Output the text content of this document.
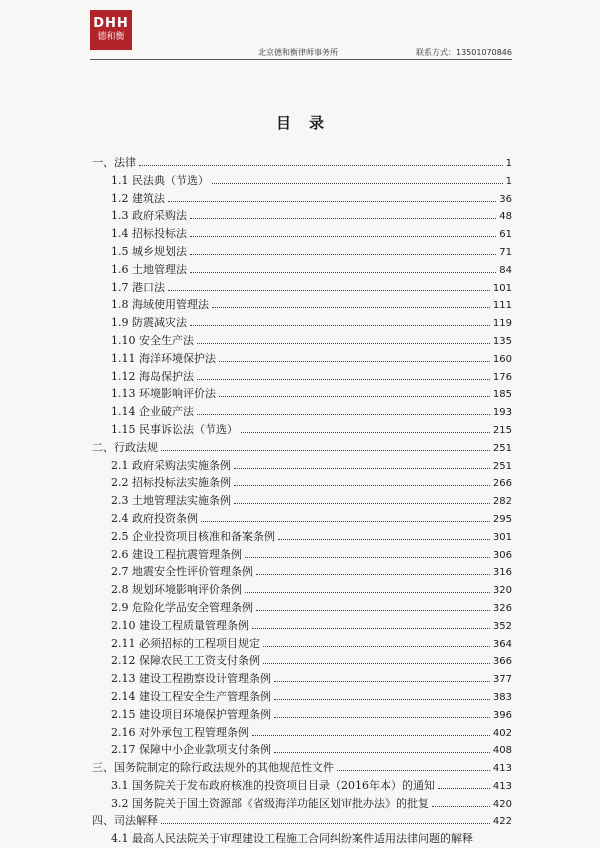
DHH
德和衡
北京德和衡律师事务所	联系方式：13501070846
目录
一、法律	1
1.1 民法典（节选）	1
1.2 建筑法	36
1.3 政府采购法	48
1.4 招标投标法	61
1.5 城乡规划法	71
1.6 土地管理法	84
1.7 港口法	101
1.8 海域使用管理法	111
1.9 防震减灾法	119
1.10 安全生产法	135
1.11 海洋环境保护法	160
1.12 海岛保护法	176
1.13 环境影响评价法	185
1.14 企业破产法	193
1.15 民事诉讼法（节选）	215
二、行政法规	251
2.1 政府采购法实施条例	251
2.2 招标投标法实施条例	266
2.3 土地管理法实施条例	282
2.4 政府投资条例	295
2.5 企业投资项目核准和备案条例	301
2.6 建设工程抗震管理条例	306
2.7 地震安全性评价管理条例	316
2.8 规划环境影响评价条例	320
2.9 危险化学品安全管理条例	326
2.10 建设工程质量管理条例	352
2.11 必须招标的工程项目规定	364
2.12 保障农民工工资支付条例	366
2.13 建设工程勘察设计管理条例	377
2.14 建设工程安全生产管理条例	383
2.15 建设项目环境保护管理条例	396
2.16 对外承包工程管理条例	402
2.17 保障中小企业款项支付条例	408
三、国务院制定的除行政法规外的其他规范性文件	413
3.1 国务院关于发布政府核准的投资项目目录（2016年本）的通知	413
3.2 国务院关于国土资源部《省级海洋功能区划审批办法》的批复	420
四、司法解释	422
4.1 最高人民法院关于审理建设工程施工合同纠纷案件适用法律问题的解释
